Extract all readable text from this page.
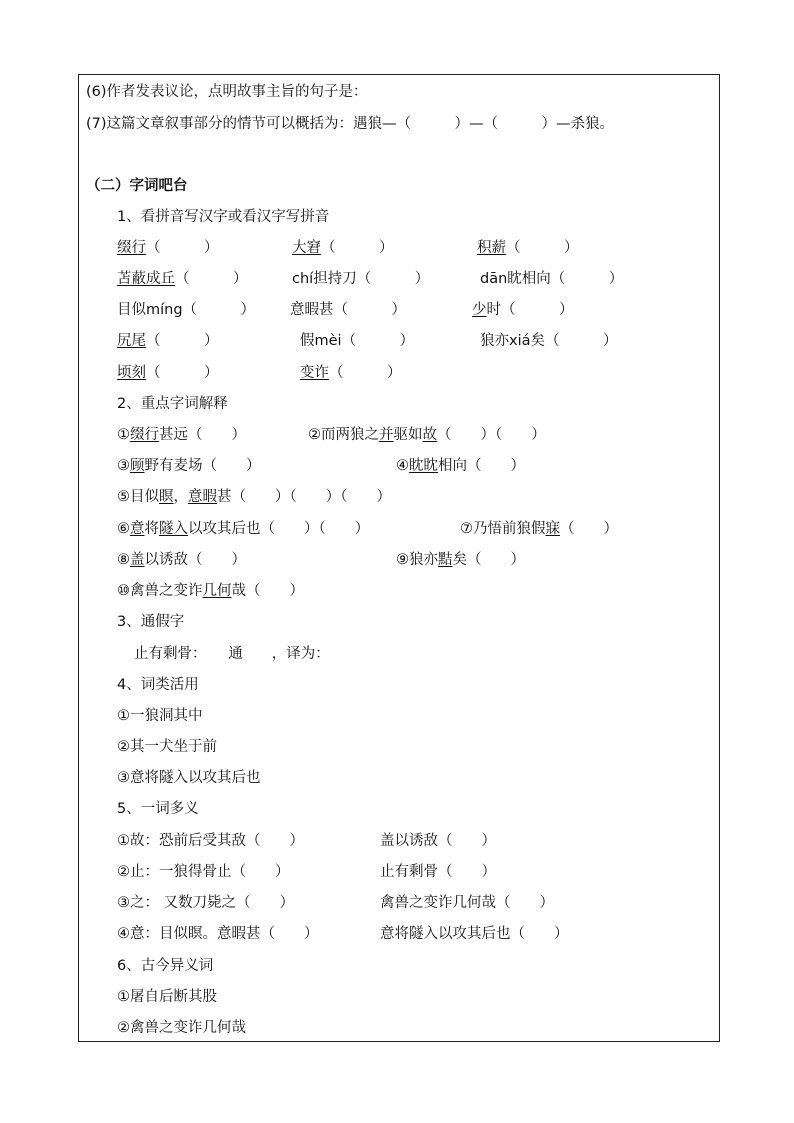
(6)作者发表议论，点明故事主旨的句子是：
(7)这篇文章叙事部分的情节可以概括为：遇狼—（　　　）—（　　　）—杀狼。
（二）字词吧台
1、看拼音写汉字或看汉字写拼音
缀行（　　　）	大窘（　　　）	积薪（　　　）
苫蔽成丘（　　　）	chí担持刀（　　　）	dān眈相向（　　　）
目似míng（　　　） 意暇甚（　　　）	少时（　　　）
尻尾（　　　）	假mèi（　　　）	狼亦xiá矣（　　　）
顷刻（　　　）	变诈（　　　）
2、重点字词解释
①缀行甚远（　　）	②而两狼之并驱如故（　　）（　　）
③顾野有麦场（　　）	④眈眈相向（　　）
⑤目似瞑，意暇甚（　　）（　　）（　　）
⑥意将隧入以攻其后也（　　）（　　）	⑦乃悟前狼假寐（　　）
⑧盖以诱敌（　　）	⑨狼亦黠矣（　　）
⑩禽兽之变诈几何哉（　　）
3、通假字
止有剩骨：　　通　　，译为：
4、词类活用
①一狼洞其中
②其一犬坐于前
③意将隧入以攻其后也
5、一词多义
①故：恐前后受其敌（　　）	盖以诱敌（　　）
②止：一狼得骨止（　　）	止有剩骨（　　）
③之： 又数刀毙之（　　）	禽兽之变诈几何哉（　　）
④意：目似瞑。意暇甚（　　）	意将隧入以攻其后也（　　）
6、古今异义词
①屠自后断其股
②禽兽之变诈几何哉
